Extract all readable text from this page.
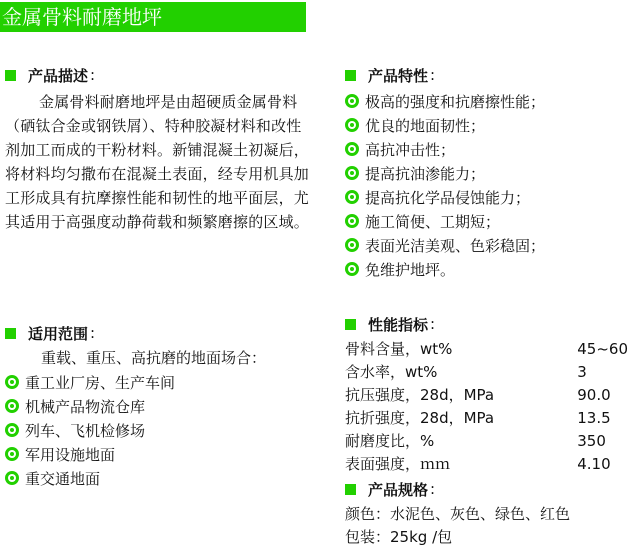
金属骨料耐磨地坪
产品描述 :
金属骨料耐磨地坪是由超硬质金属骨料（硒钛合金或钢铁屑）、特种胶凝材料和改性剂加工而成的干粉材料。新铺混凝土初凝后，将材料均匀撒布在混凝土表面，经专用机具加工形成具有抗摩擦性能和韧性的地平面层，尤其适用于高强度动静荷载和频繁磨擦的区域。
产品特性 :
极高的强度和抗磨擦性能；
优良的地面韧性；
高抗冲击性；
提高抗油渗能力；
提高抗化学品侵蚀能力；
施工简便、工期短；
表面光洁美观、色彩稳固；
免维护地坪。
适用范围 :
重载、重压、高抗磨的地面场合：
重工业厂房、生产车间
机械产品物流仓库
列车、飞机检修场
军用设施地面
重交通地面
性能指标 :
骨料含量，wt%	45~60
含水率，wt%	3
抗压强度，28d，MPa	90.0
抗折强度，28d，MPa	13.5
耐磨度比，%	350
表面强度，ｍｍ	4.10
产品规格 :
颜色：水泥色、灰色、绿色、红色
包装：25kg /包
